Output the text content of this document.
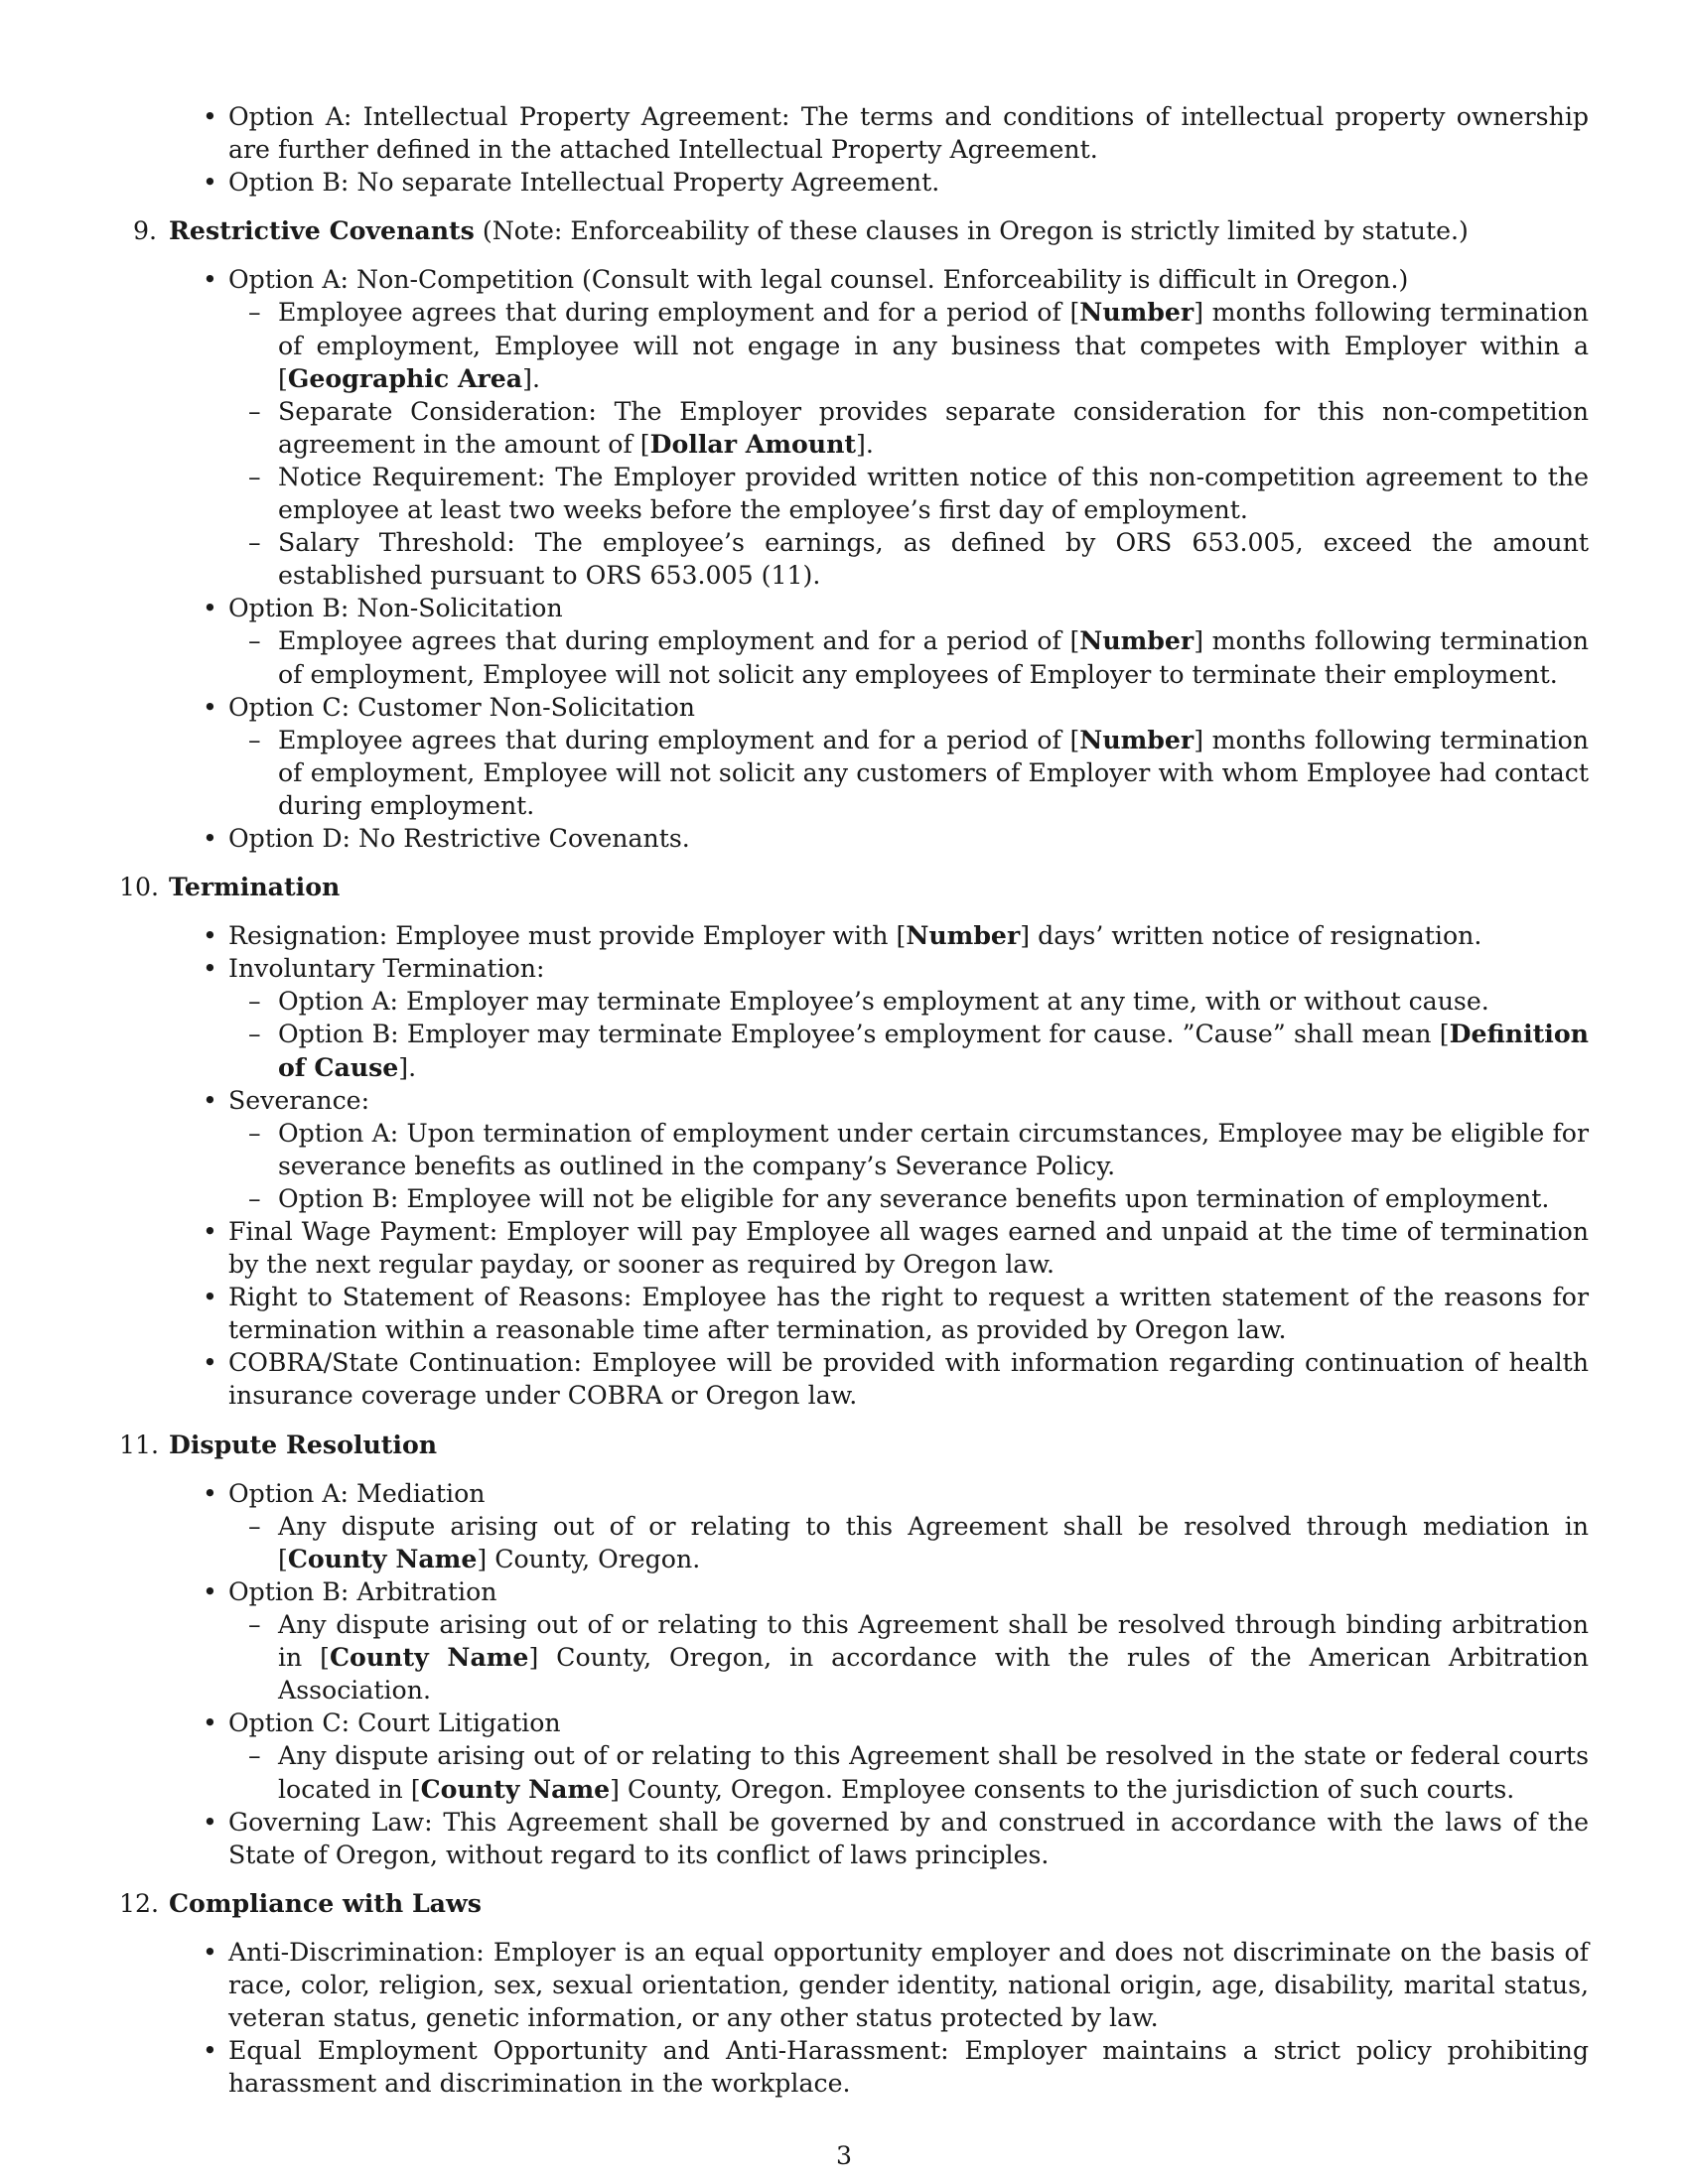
• Option A: Intellectual Property Agreement: The terms and conditions of intellectual property ownership are further defined in the attached Intellectual Property Agreement.
• Option B: No separate Intellectual Property Agreement.
9. Restrictive Covenants (Note: Enforceability of these clauses in Oregon is strictly limited by statute.)
• Option A: Non-Competition (Consult with legal counsel. Enforceability is difficult in Oregon.)
– Employee agrees that during employment and for a period of [Number] months following termination of employment, Employee will not engage in any business that competes with Employer within a [Geographic Area].
– Separate Consideration: The Employer provides separate consideration for this non-competition agreement in the amount of [Dollar Amount].
– Notice Requirement: The Employer provided written notice of this non-competition agreement to the employee at least two weeks before the employee’s first day of employment.
– Salary Threshold: The employee’s earnings, as defined by ORS 653.005, exceed the amount established pursuant to ORS 653.005 (11).
• Option B: Non-Solicitation
– Employee agrees that during employment and for a period of [Number] months following termination of employment, Employee will not solicit any employees of Employer to terminate their employment.
• Option C: Customer Non-Solicitation
– Employee agrees that during employment and for a period of [Number] months following termination of employment, Employee will not solicit any customers of Employer with whom Employee had contact during employment.
• Option D: No Restrictive Covenants.
10. Termination
• Resignation: Employee must provide Employer with [Number] days’ written notice of resignation.
• Involuntary Termination:
– Option A: Employer may terminate Employee’s employment at any time, with or without cause.
– Option B: Employer may terminate Employee’s employment for cause. ”Cause” shall mean [Definition of Cause].
• Severance:
– Option A: Upon termination of employment under certain circumstances, Employee may be eligible for severance benefits as outlined in the company’s Severance Policy.
– Option B: Employee will not be eligible for any severance benefits upon termination of employment.
• Final Wage Payment: Employer will pay Employee all wages earned and unpaid at the time of termination by the next regular payday, or sooner as required by Oregon law.
• Right to Statement of Reasons: Employee has the right to request a written statement of the reasons for termination within a reasonable time after termination, as provided by Oregon law.
• COBRA/State Continuation: Employee will be provided with information regarding continuation of health insurance coverage under COBRA or Oregon law.
11. Dispute Resolution
• Option A: Mediation
– Any dispute arising out of or relating to this Agreement shall be resolved through mediation in [County Name] County, Oregon.
• Option B: Arbitration
– Any dispute arising out of or relating to this Agreement shall be resolved through binding arbitration in [County Name] County, Oregon, in accordance with the rules of the American Arbitration Association.
• Option C: Court Litigation
– Any dispute arising out of or relating to this Agreement shall be resolved in the state or federal courts located in [County Name] County, Oregon. Employee consents to the jurisdiction of such courts.
• Governing Law: This Agreement shall be governed by and construed in accordance with the laws of the State of Oregon, without regard to its conflict of laws principles.
12. Compliance with Laws
• Anti-Discrimination: Employer is an equal opportunity employer and does not discriminate on the basis of race, color, religion, sex, sexual orientation, gender identity, national origin, age, disability, marital status, veteran status, genetic information, or any other status protected by law.
• Equal Employment Opportunity and Anti-Harassment: Employer maintains a strict policy prohibiting harassment and discrimination in the workplace.
3
